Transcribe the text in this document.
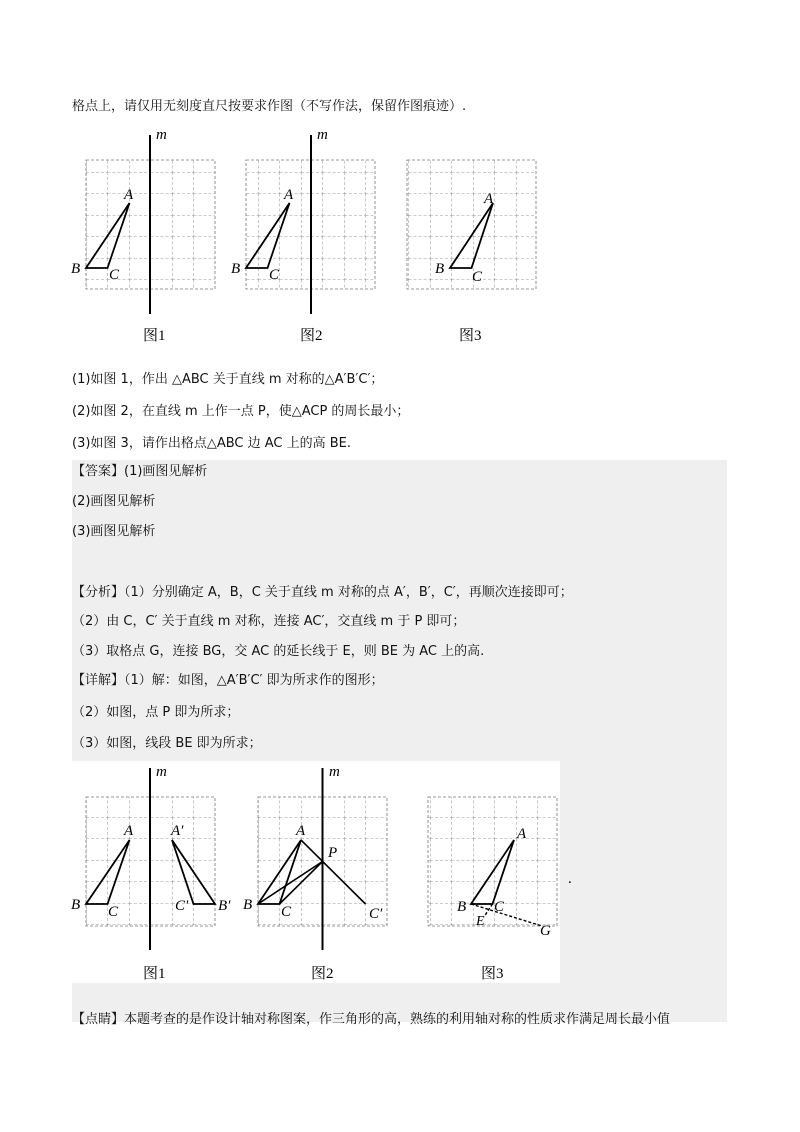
格点上，请仅用无刻度直尺按要求作图（不写作法，保留作图痕迹）.
m
A
B C
图1
m
A
B C
图2
A
B C
图3
(1)如图 1，作出 △ABC 关于直线 m 对称的△A′B′C′；
(2)如图 2，在直线 m 上作一点 P，使△ACP 的周长最小；
(3)如图 3，请作出格点△ABC 边 AC 上的高 BE.
【答案】(1)画图见解析
(2)画图见解析
(3)画图见解析
【分析】（1）分别确定 A，B，C 关于直线 m 对称的点 A′，B′，C′，再顺次连接即可；
（2）由 C，C′ 关于直线 m 对称，连接 AC′，交直线 m 于 P 即可；
（3）取格点 G，连接 BG，交 AC 的延长线于 E，则 BE 为 AC 上的高.
【详解】（1）解：如图，△A′B′C′ 即为所求作的图形；
（2）如图，点 P 即为所求；
（3）如图，线段 BE 即为所求；
m
A
B C
A′
C′ B′
图1
m
A
P
B C	C′
图2
A
B C
E
G
图3
.
【点睛】本题考查的是作设计轴对称图案，作三角形的高，熟练的利用轴对称的性质求作满足周长最小值
